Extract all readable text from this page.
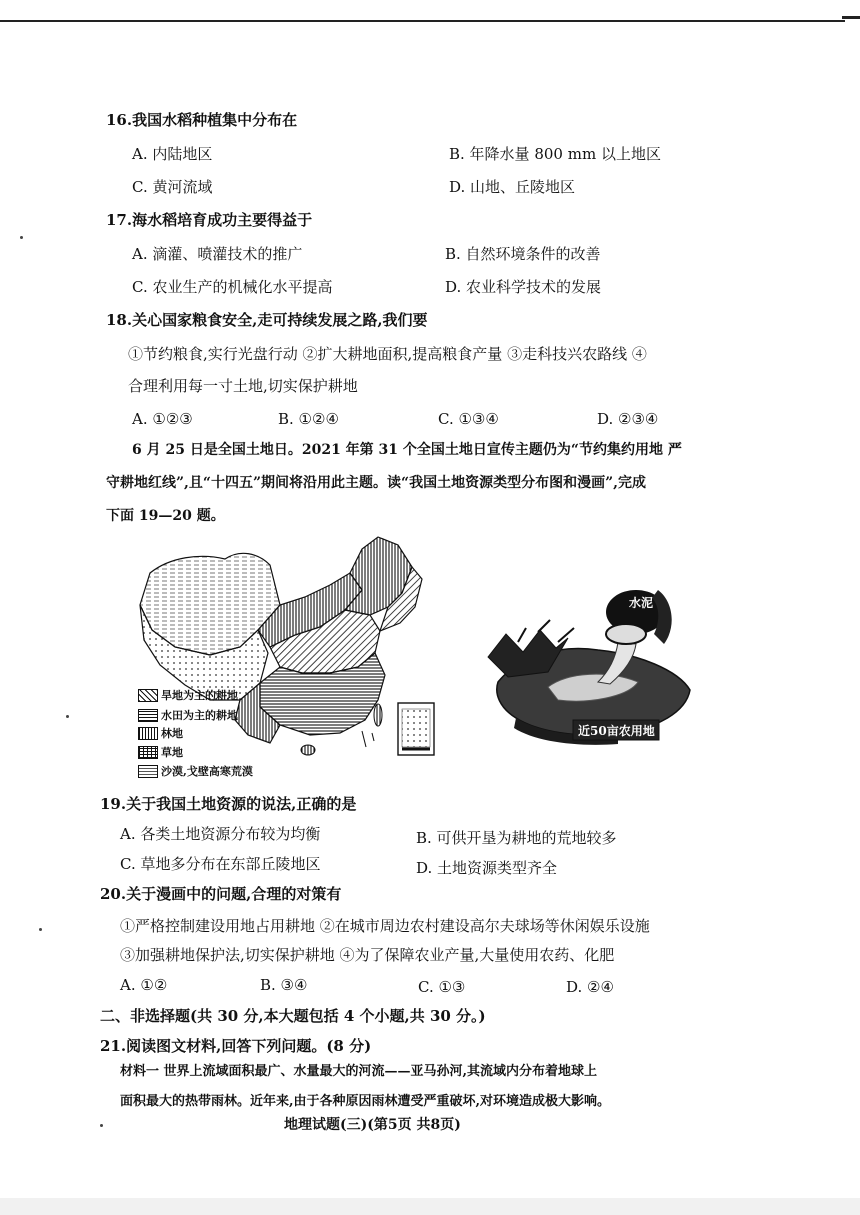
16.我国水稻种植集中分布在
A. 内陆地区	B. 年降水量 800 mm 以上地区
C. 黄河流域	D. 山地、丘陵地区
17.海水稻培育成功主要得益于
A. 滴灌、喷灌技术的推广	B. 自然环境条件的改善
C. 农业生产的机械化水平提高	D. 农业科学技术的发展
18.关心国家粮食安全,走可持续发展之路,我们要
①节约粮食,实行光盘行动 ②扩大耕地面积,提高粮食产量 ③走科技兴农路线 ④
合理利用每一寸土地,切实保护耕地
A. ①②③	B. ①②④	C. ①③④	D. ②③④
6 月 25 日是全国土地日。2021 年第 31 个全国土地日宣传主题仍为“节约集约用地 严
守耕地红线”,且“十四五”期间将沿用此主题。读“我国土地资源类型分布图和漫画”,完成
下面 19—20 题。
旱地为主的耕地
水田为主的耕地
林地
草地
沙漠,戈壁高寒荒漠
水泥
近50亩农用地
19.关于我国土地资源的说法,正确的是
A. 各类土地资源分布较为均衡	B. 可供开垦为耕地的荒地较多
C. 草地多分布在东部丘陵地区	D. 土地资源类型齐全
20.关于漫画中的问题,合理的对策有
①严格控制建设用地占用耕地 ②在城市周边农村建设高尔夫球场等休闲娱乐设施
③加强耕地保护法,切实保护耕地 ④为了保障农业产量,大量使用农药、化肥
A. ①②	B. ③④	C. ①③	D. ②④
二、非选择题(共 30 分,本大题包括 4 个小题,共 30 分。)
21.阅读图文材料,回答下列问题。(8 分)
材料一 世界上流域面积最广、水量最大的河流——亚马孙河,其流域内分布着地球上
面积最大的热带雨林。近年来,由于各种原因雨林遭受严重破坏,对环境造成极大影响。
地理试题(三)(第5页 共8页)
